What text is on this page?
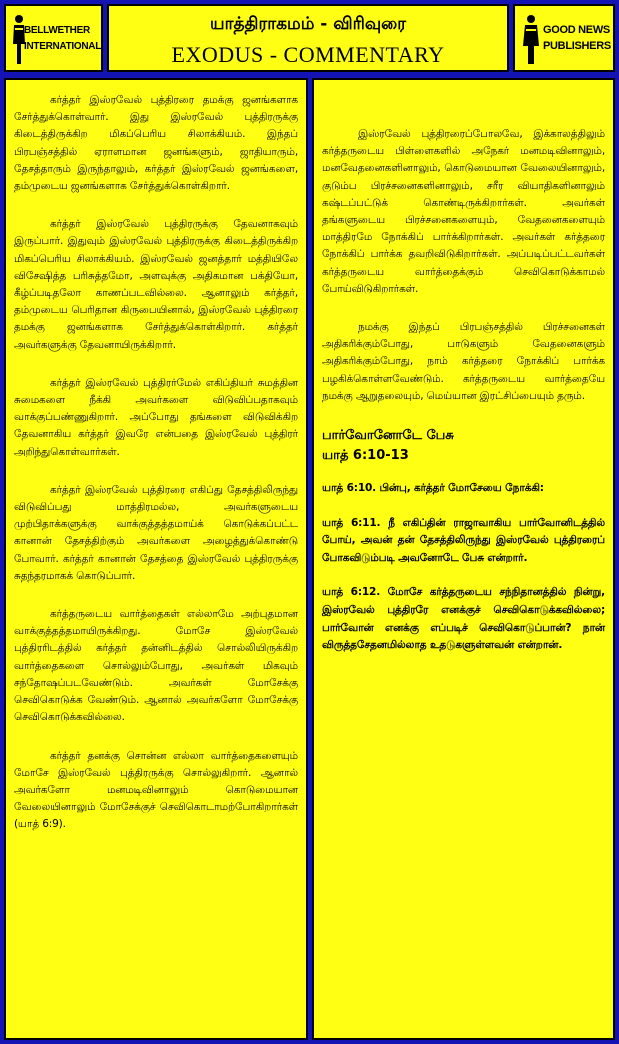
BELLWETHER
INTERNATIONAL
யாத்திராகமம் - விரிவுரை
EXODUS - COMMENTARY
GOOD NEWS
PUBLISHERS

கர்த்தர் இஸ்ரவேல் புத்திரரை தமக்கு ஜனங்களாக சேர்த்துக்கொள்வார். இது இஸ்ரவேல் புத்திரருக்கு கிடைத்திருக்கிற மிகப்பெரிய சிலாக்கியம். இந்தப் பிரபஞ்சத்தில் ஏராளமான ஜனங்களும், ஜாதியாரும், தேசத்தாரும் இருந்தாலும், கர்த்தர் இஸ்ரவேல் ஜனங்களை, தம்முடைய ஜனங்களாக சேர்த்துக்கொள்கிறார்.

கர்த்தர் இஸ்ரவேல் புத்திரருக்கு தேவனாகவும் இருப்பார். இதுவும் இஸ்ரவேல் புத்திரருக்கு கிடைத்திருக்கிற மிகப்பெரிய சிலாக்கியம். இஸ்ரவேல் ஜனத்தார் மத்தியிலே விசேஷித்த பரிசுத்தமோ, அளவுக்கு அதிகமான பக்தியோ, கீழ்ப்படிதலோ காணப்படவில்லை. ஆனாலும் கர்த்தர், தம்முடைய பெரிதான கிருபையினால், இஸ்ரவேல் புத்திரரை தமக்கு ஜனங்களாக சேர்த்துக்கொள்கிறார். கர்த்தர் அவர்களுக்கு தேவனாயிருக்கிறார்.

கர்த்தர் இஸ்ரவேல் புத்திரர்மேல் எகிப்தியர் சுமத்தின சுமைகளை நீக்கி அவர்களை விடுவிப்பதாகவும் வாக்குப்பண்ணுகிறார். அப்போது தங்களை விடுவிக்கிற தேவனாகிய கர்த்தர் இவரே என்பதை இஸ்ரவேல் புத்திரர் அறிந்துகொள்வார்கள்.

கர்த்தர் இஸ்ரவேல் புத்திரரை எகிப்து தேசத்திலிருந்து விடுவிப்பது மாத்திரமல்ல, அவர்களுடைய முற்பிதாக்களுக்கு வாக்குத்தத்தமாய்க் கொடுக்கப்பட்ட கானான் தேசத்திற்கும் அவர்களை அழைத்துக்கொண்டு போவார். கர்த்தர் கானான் தேசத்தை இஸ்ரவேல் புத்திரருக்கு சுதந்தரமாகக் கொடுப்பார்.

கர்த்தருடைய வார்த்தைகள் எல்லாமே அற்புதமான வாக்குத்தத்தமாயிருக்கிறது. மோசே இஸ்ரவேல் புத்திரரிடத்தில் கர்த்தர் தன்னிடத்தில் சொல்லியிருக்கிற வார்த்தைகளை சொல்லும்போது, அவர்கள் மிகவும் சந்தோஷப்படவேண்டும். அவர்கள் மோசேக்கு செவிகொடுக்க வேண்டும். ஆனால் அவர்களோ மோசேக்கு செவிகொடுக்கவில்லை.

கர்த்தர் தனக்கு சொன்ன எல்லா வார்த்தைகளையும் மோசே இஸ்ரவேல் புத்திரருக்கு சொல்லுகிறார். ஆனால் அவர்களோ மனமடிவினாலும் கொடுமையான வேலையினாலும் மோசேக்குச் செவிகொடாமற்போகிறார்கள் (யாத் 6:9).

இஸ்ரவேல் புத்திரரைப்போலவே, இக்காலத்திலும் கர்த்தருடைய பிள்ளைகளில் அநேகர் மனமடிவினாலும், மனவேதனைகளினாலும், கொடுமையான வேலையினாலும், குடும்ப பிரச்சனைகளினாலும், சரீர வியாதிகளினாலும் கஷ்டப்பட்டுக் கொண்டிருக்கிறார்கள். அவர்கள் தங்களுடைய பிரச்சனைகளையும், வேதனைகளையும் மாத்திரமே நோக்கிப் பார்க்கிறார்கள். அவர்கள் கர்த்தரை நோக்கிப் பார்க்க தவறிவிடுகிறார்கள். அப்படிப்பட்டவர்கள் கர்த்தருடைய வார்த்தைக்கும் செவிகொடுக்காமல் போய்விடுகிறார்கள்.

நமக்கு இந்தப் பிரபஞ்சத்தில் பிரச்சனைகள் அதிகரிக்கும்போது, பாடுகளும் வேதனைகளும் அதிகரிக்கும்போது, நாம் கர்த்தரை நோக்கிப் பார்க்க பழகிக்கொள்ளவேண்டும். கர்த்தருடைய வார்த்தையே நமக்கு ஆறுதலையும், மெய்யான இரட்சிப்பையும் தரும்.

பார்வோனோடே பேசு
யாத் 6:10-13

யாத் 6:10. பின்பு, கர்த்தர் மோசேயை நோக்கி:

யாத் 6:11. நீ எகிப்தின் ராஜாவாகிய பார்வோனிடத்தில் போய், அவன் தன் தேசத்திலிருந்து இஸ்ரவேல் புத்திரரைப் போகவிடும்படி அவனோடே பேசு என்றார்.

யாத் 6:12. மோசே கர்த்தருடைய சந்நிதானத்தில் நின்று, இஸ்ரவேல் புத்திரரே எனக்குச் செவிகொடுக்கவில்லை; பார்வோன் எனக்கு எப்படிச் செவிகொடுப்பான்? நான் விருத்தசேதனமில்லாத உதடுகளுள்ளவன் என்றான்.
